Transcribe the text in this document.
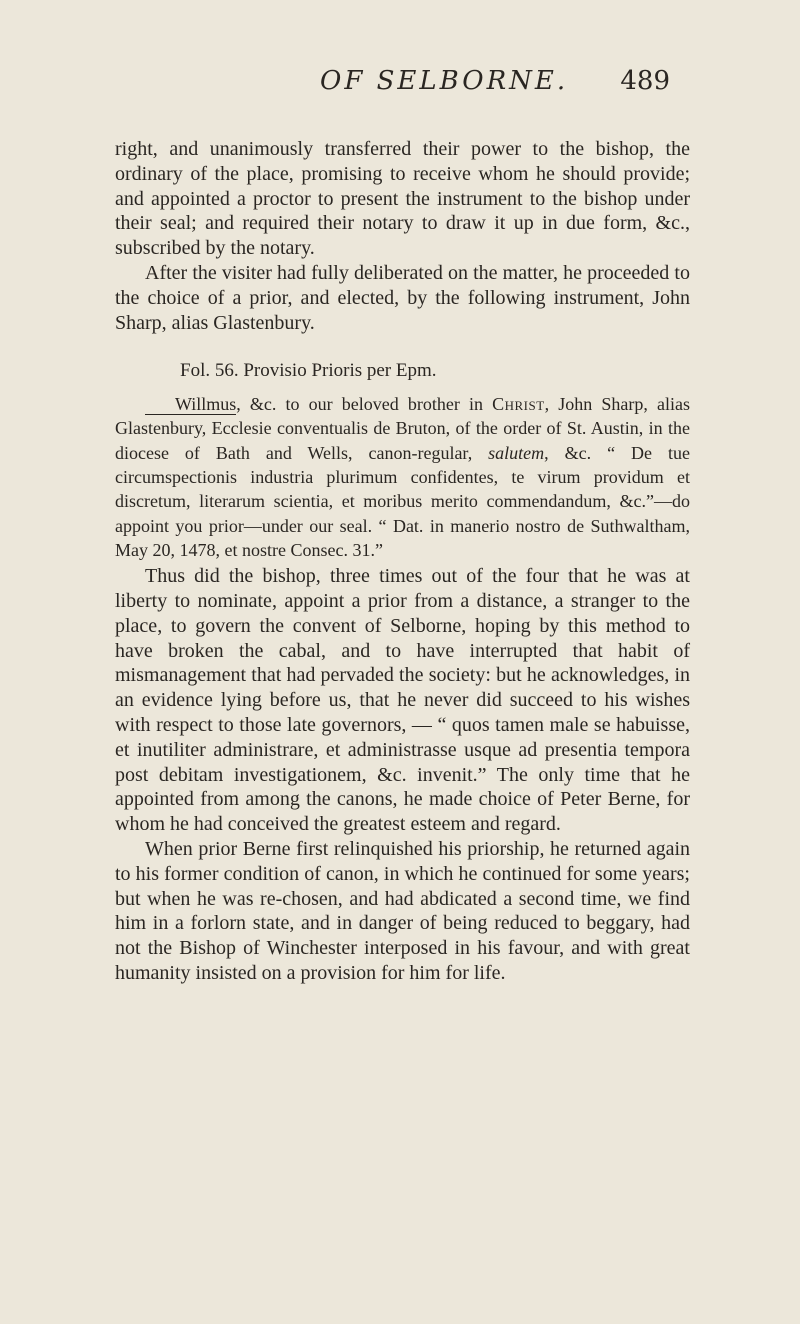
OF SELBORNE. 489

right, and unanimously transferred their power to the bishop, the ordinary of the place, promising to receive whom he should provide; and appointed a proctor to present the instrument to the bishop under their seal; and required their notary to draw it up in due form, &c., subscribed by the notary.

After the visiter had fully deliberated on the matter, he proceeded to the choice of a prior, and elected, by the following instrument, John Sharp, alias Glastenbury.

Fol. 56. Provisio Prioris per Epm.

Willmus, &c. to our beloved brother in Christ, John Sharp, alias Glastenbury, Ecclesie conventualis de Bruton, of the order of St. Austin, in the diocese of Bath and Wells, canon-regular, salutem, &c. “ De tue circumspectionis industria plurimum confidentes, te virum providum et discretum, literarum scientia, et moribus merito commendandum, &c.”—do appoint you prior—under our seal. “ Dat. in manerio nostro de Suthwaltham, May 20, 1478, et nostre Consec. 31.”

Thus did the bishop, three times out of the four that he was at liberty to nominate, appoint a prior from a distance, a stranger to the place, to govern the convent of Selborne, hoping by this method to have broken the cabal, and to have interrupted that habit of mismanagement that had pervaded the society: but he acknowledges, in an evidence lying before us, that he never did succeed to his wishes with respect to those late governors, — “ quos tamen male se habuisse, et inutiliter administrare, et administrasse usque ad presentia tempora post debitam investigationem, &c. invenit.” The only time that he appointed from among the canons, he made choice of Peter Berne, for whom he had conceived the greatest esteem and regard.

When prior Berne first relinquished his priorship, he returned again to his former condition of canon, in which he continued for some years; but when he was re-chosen, and had abdicated a second time, we find him in a forlorn state, and in danger of being reduced to beggary, had not the Bishop of Winchester interposed in his favour, and with great humanity insisted on a provision for him for life.
